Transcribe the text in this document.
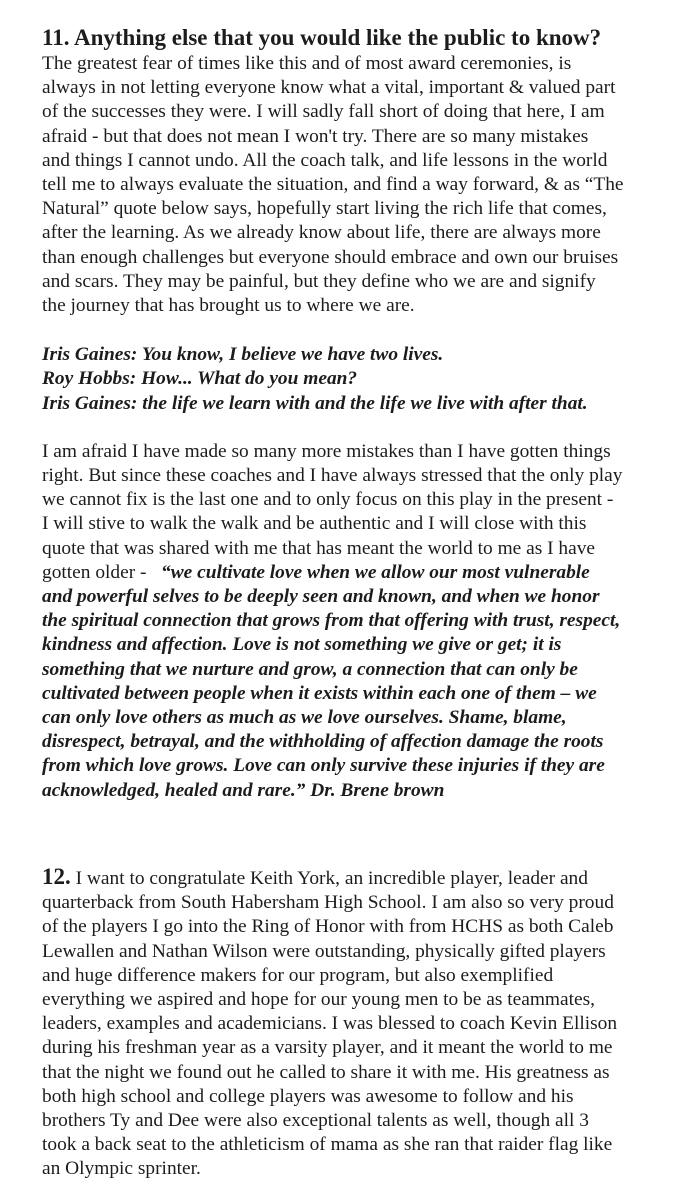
11. Anything else that you would like the public to know?
The greatest fear of times like this and of most award ceremonies, is
always in not letting everyone know what a vital, important & valued part
of the successes they were. I will sadly fall short of doing that here, I am
afraid - but that does not mean I won't try. There are so many mistakes
and things I cannot undo. All the coach talk, and life lessons in the world
tell me to always evaluate the situation, and find a way forward, & as “The
Natural” quote below says, hopefully start living the rich life that comes,
after the learning. As we already know about life, there are always more
than enough challenges but everyone should embrace and own our bruises
and scars. They may be painful, but they define who we are and signify
the journey that has brought us to where we are.
Iris Gaines: You know, I believe we have two lives.
Roy Hobbs: How... What do you mean?
Iris Gaines: the life we learn with and the life we live with after that.
I am afraid I have made so many more mistakes than I have gotten things
right. But since these coaches and I have always stressed that the only play
we cannot fix is the last one and to only focus on this play in the present -
I will stive to walk the walk and be authentic and I will close with this
quote that was shared with me that has meant the world to me as I have
gotten older -   “we cultivate love when we allow our most vulnerable
and powerful selves to be deeply seen and known, and when we honor
the spiritual connection that grows from that offering with trust, respect,
kindness and affection. Love is not something we give or get; it is
something that we nurture and grow, a connection that can only be
cultivated between people when it exists within each one of them – we
can only love others as much as we love ourselves. Shame, blame,
disrespect, betrayal, and the withholding of affection damage the roots
from which love grows. Love can only survive these injuries if they are
acknowledged, healed and rare.” Dr. Brene brown
12. I want to congratulate Keith York, an incredible player, leader and
quarterback from South Habersham High School. I am also so very proud
of the players I go into the Ring of Honor with from HCHS as both Caleb
Lewallen and Nathan Wilson were outstanding, physically gifted players
and huge difference makers for our program, but also exemplified
everything we aspired and hope for our young men to be as teammates,
leaders, examples and academicians. I was blessed to coach Kevin Ellison
during his freshman year as a varsity player, and it meant the world to me
that the night we found out he called to share it with me. His greatness as
both high school and college players was awesome to follow and his
brothers Ty and Dee were also exceptional talents as well, though all 3
took a back seat to the athleticism of mama as she ran that raider flag like
an Olympic sprinter.
